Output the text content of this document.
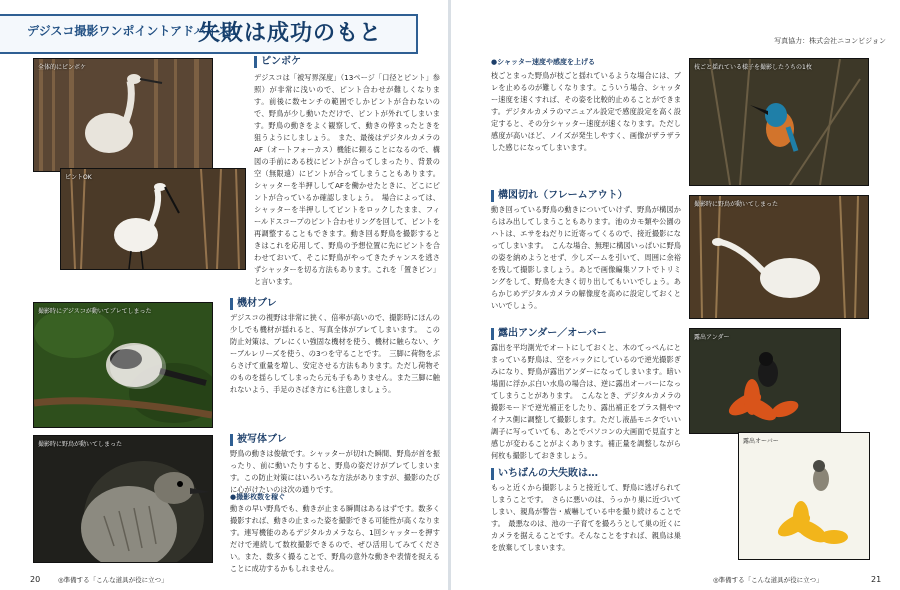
デジスコ撮影ワンポイントアドバイス1
失敗は成功のもと
全体的にピンボケ
ピントOK
撮影時にデジスコが動いてブレてしまった
撮影時に野鳥が動いてしまった
ピンボケ
デジスコは「被写界深度」（13ページ「口径とピント」参照）が非常に浅いので、ピント合わせが難しくなります。前後に数センチの範囲でしかピントが合わないので、野鳥が少し動いただけで、ピントが外れてしまいます。野鳥の動きをよく観察して、動きの停まったときを狙うようにしましょう。　また、最後はデジタルカメラのAF（オートフォーカス）機能に頼ることになるので、構図の手前にある枝にピントが合ってしまったり、背景の空（無限遠）にピントが合ってしまうこともあります。シャッターを半押ししてAFを働かせたときに、どこにピントが合っているか確認しましょう。　場合によっては、シャッターを半押ししてピントをロックしたまま、フィールドスコープのピント合わせリングを回して、ピントを再調整することもできます。動き回る野鳥を撮影するときはこれを応用して、野鳥の予想位置に先にピントを合わせておいて、そこに野鳥がやってきたチャンスを逃さずシャッターを切る方法もあります。これを「置きピン」と言います。
機材ブレ
デジスコの視野は非常に狭く、倍率が高いので、撮影時にほんの少しでも機材が揺れると、写真全体がブレてしまいます。　この防止対策は、ブレにくい強固な機材を使う、機材に触らない、ケーブルレリーズを使う、の3つを守ることです。　三脚に荷物をぶらさげて重量を増し、安定させる方法もあります。ただし荷物そのものを揺らしてしまったら元も子もありません。また三脚に触れないよう、手足のさばき方にも注意しましょう。
被写体ブレ
野鳥の動きは俊敏です。シャッターが切れた瞬間、野鳥が首を振ったり、前に動いたりすると、野鳥の姿だけがブレてしまいます。この防止対策にはいろいろな方法がありますが、撮影のたびに心がけたいのは次の通りです。
●撮影枚数を稼ぐ
動きの早い野鳥でも、動きが止まる瞬間はあるはずです。数多く撮影すれば、動きの止まった姿を撮影できる可能性が高くなります。連写機能のあるデジタルカメラなら、1回シャッターを押すだけで連続して数枚撮影できるので、ぜひ活用してみてください。また、数多く撮ることで、野鳥の意外な動きや表情を捉えることに成功するかもしれません。
20	◎準備する「こんな道具が役に立つ」
写真協力：株式会社ニコンビジョン
●シャッター速度や感度を上げる
枝ごとまった野鳥が枝ごと揺れているような場合には、ブレを止めるのが難しくなります。こういう場合、シャッター速度を速くすれば、その姿を比較的止めることができます。デジタルカメラのマニュアル設定で感度設定を高く設定すると、その分シャッター速度が速くなります。ただし感度が高いほど、ノイズが発生しやすく、画像がザラザラした感じになってしまいます。
構図切れ（フレームアウト）
動き回っている野鳥の動きについていけず、野鳥が構図からはみ出してしまうこともあります。池のカモ類や公園のハトは、エサをねだりに近寄ってくるので、接近撮影になってしまいます。　こんな場合、無理に構図いっぱいに野鳥の姿を納めようとせず、少しズームを引いて、周囲に余裕を残して撮影しましょう。あとで画像編集ソフトでトリミングをして、野鳥を大きく切り出してもいいでしょう。あらかじめデジタルカメラの解像度を高めに設定しておくといいでしょう。
露出アンダー／オーバー
露出を平均測光でオートにしておくと、木のてっぺんにとまっている野鳥は、空をバックにしているので逆光撮影ぎみになり、野鳥が露出アンダーになってしまいます。暗い場面に浮かぶ白い水鳥の場合は、逆に露出オーバーになってしまうことがあります。　こんなとき、デジタルカメラの撮影モードで逆光補正をしたり、露出補正をプラス側やマイナス側に調整して撮影します。ただし液晶モニタでいい調子に写っていても、あとでパソコンの大画面で見直すと感じが変わることがよくあります。補正量を調整しながら何枚も撮影しておきましょう。
いちばんの大失敗は…
もっと近くから撮影しようと接近して、野鳥に逃げられてしまうことです。　さらに悪いのは、うっかり巣に近づいてしまい、親鳥が警告・威嚇している中を撮り続けることです。　最悪なのは、池の一子育てを撮ろうとして巣の近くにカメラを据えることです。そんなことをすれば、親鳥は巣を放棄してしまいます。
枝ごと揺れている様子を撮影したうちの1枚
撮影時に野鳥が動いてしまった
露出アンダー
露出オーバー
◎準備する「こんな道具が役に立つ」	21
